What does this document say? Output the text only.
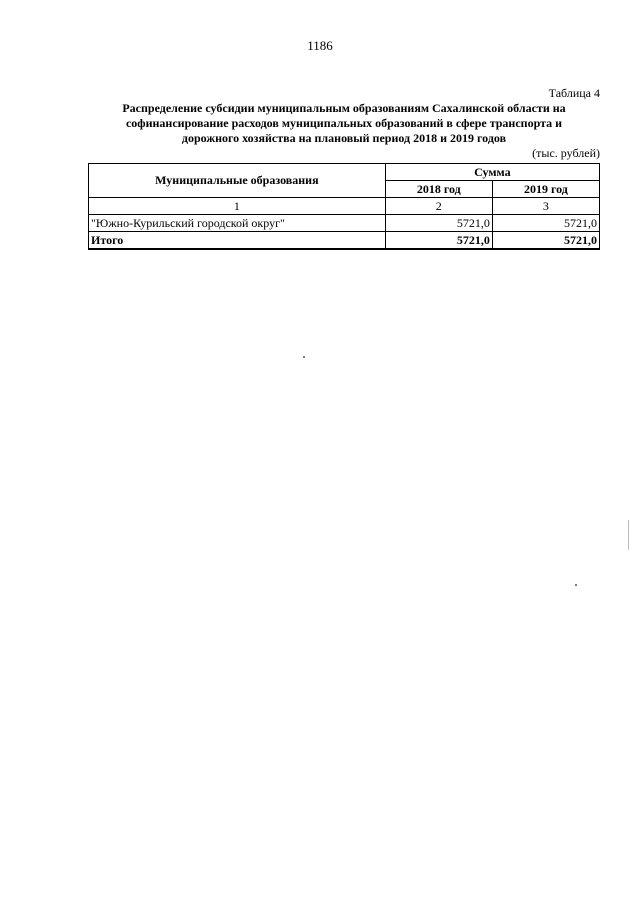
1186
Таблица 4
Распределение субсидии муниципальным образованиям Сахалинской области на
софинансирование расходов муниципальных образований в сфере транспорта и
дорожного хозяйства на плановый период 2018 и 2019 годов
(тыс. рублей)
Муниципальные образования	Сумма	
	2018 год	2019 год
1	2	3
"Южно-Курильский городской округ"	5721,0	5721,0
Итого	5721,0	5721,0
